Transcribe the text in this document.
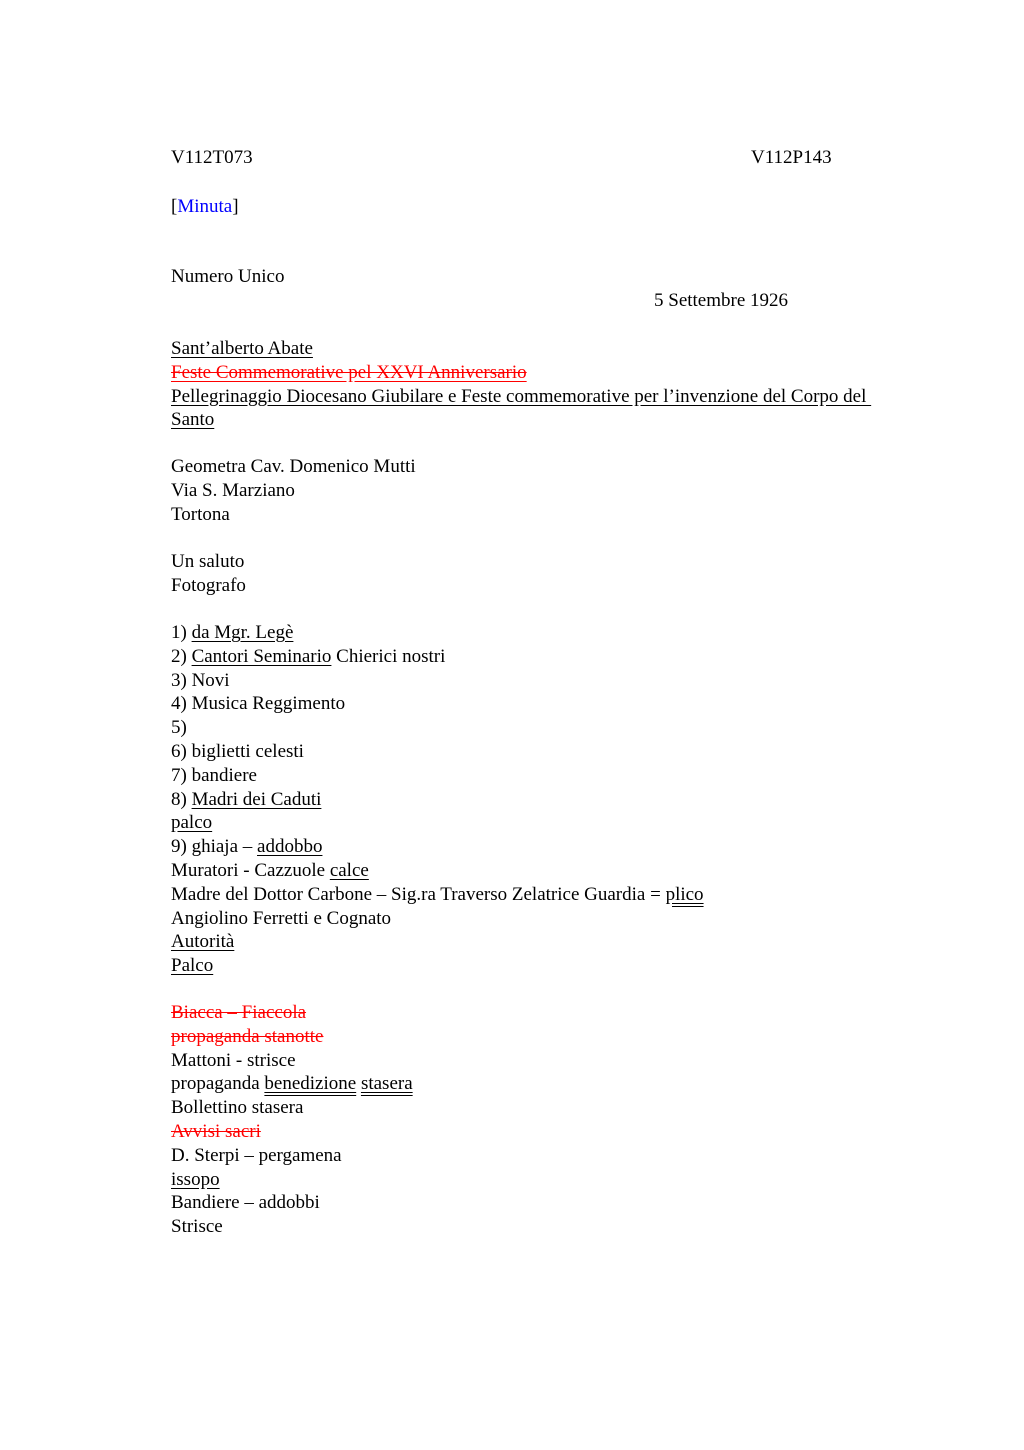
V112T073	V112P143
[Minuta]
Numero Unico
5 Settembre 1926
Sant’alberto Abate
Feste Commemorative pel XXVI Anniversario
Pellegrinaggio Diocesano Giubilare e Feste commemorative per l’invenzione del Corpo del
Santo
Geometra Cav. Domenico Mutti
Via S. Marziano
Tortona
Un saluto
Fotografo
1) da Mgr. Legè
2) Cantori Seminario Chierici nostri
3) Novi
4) Musica Reggimento
5)
6) biglietti celesti
7) bandiere
8) Madri dei Caduti
palco
9) ghiaja – addobbo
Muratori - Cazzuole calce
Madre del Dottor Carbone – Sig.ra Traverso Zelatrice Guardia = plico
Angiolino Ferretti e Cognato
Autorità
Palco
Biacca – Fiaccola
propaganda stanotte
Mattoni - strisce
propaganda benedizione stasera
Bollettino stasera
Avvisi sacri
D. Sterpi – pergamena
issopo
Bandiere – addobbi
Strisce
